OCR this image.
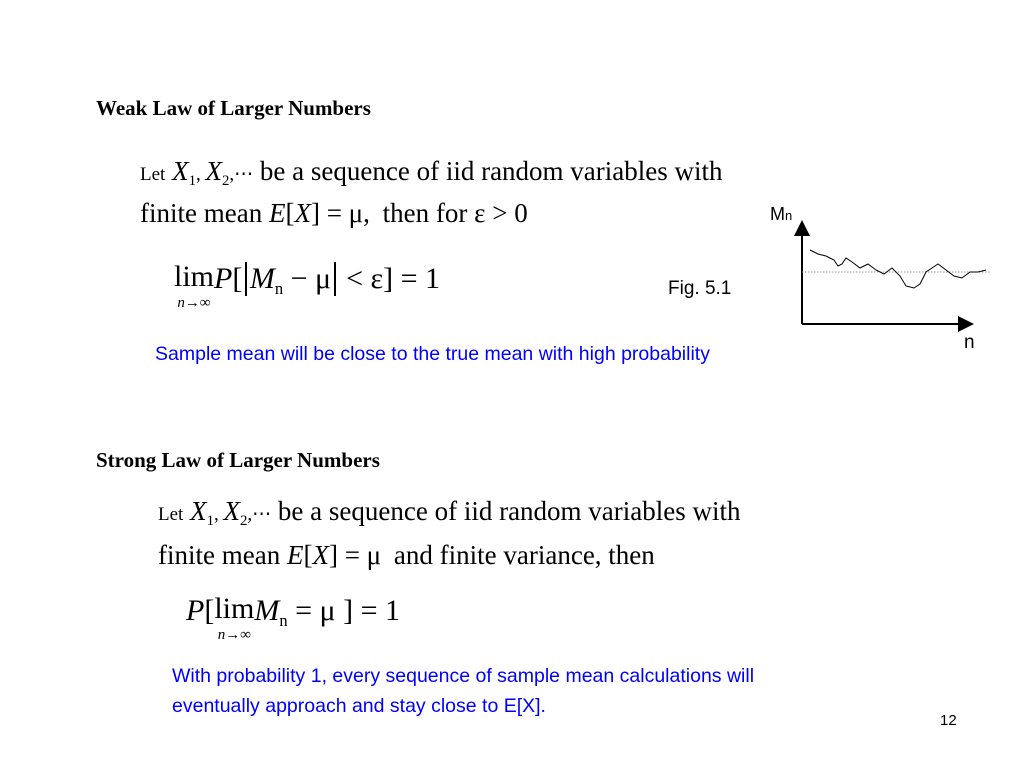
Weak Law of Larger Numbers
Let $X_1$, $X_2,\cdots$ be a sequence of iid random variables with
finite mean E[X] = μ, then for ε > 0
lim
n→∞
P[ $M_n - \mu < \varepsilon] = 1$
Sample mean will be close to the true mean with high probability
Fig. 5.1
Mn
n
Strong Law of Larger Numbers
Let $X_1$, $X_2,\cdots$ be a sequence of iid random variables with
finite mean E[X] = μ and finite variance, then
P[ lim
n→∞
$M_n = \mu$ ] = 1
With probability 1, every sequence of sample mean calculations will
eventually approach and stay close to E[X].
12
